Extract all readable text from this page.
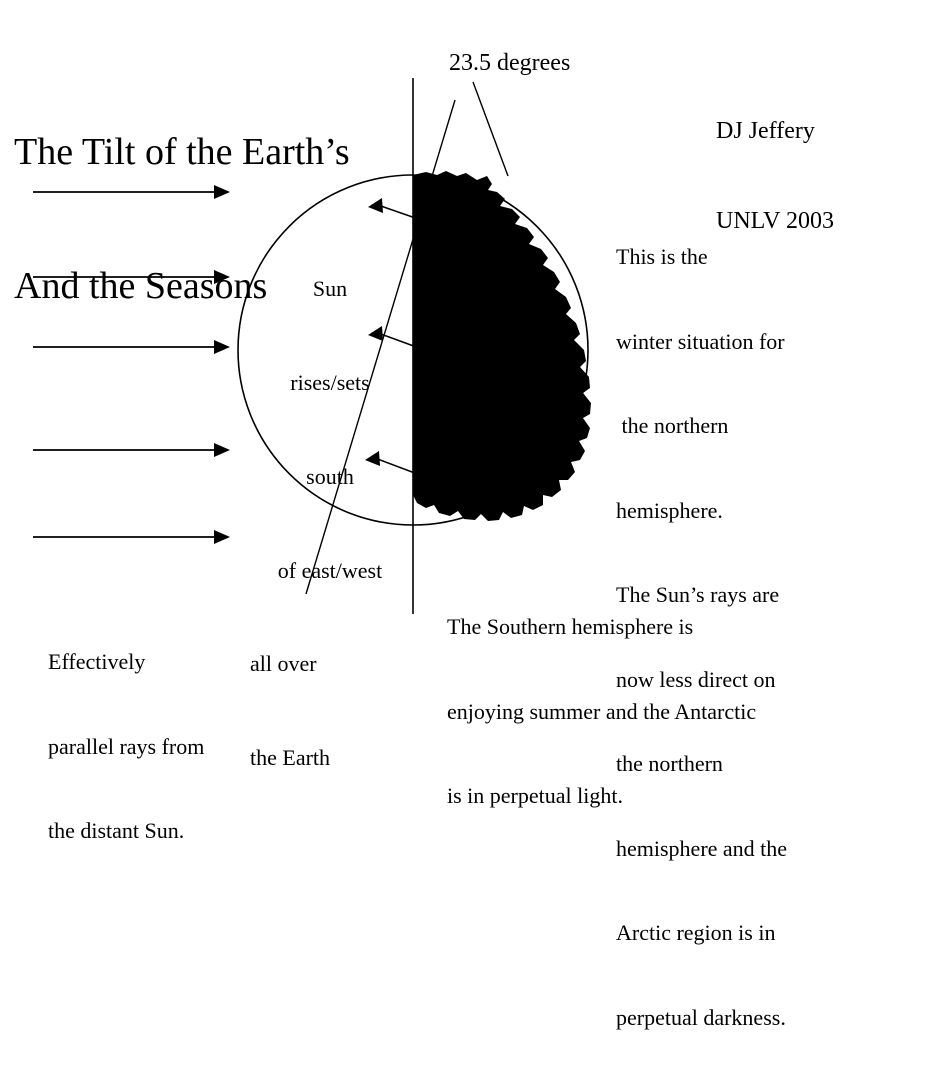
The Tilt of the Earth’s

And the Seasons

23.5 degrees

DJ Jeffery

UNLV 2003

Sun

rises/sets

south

of east/west

all over

the Earth

This is the

winter situation for

the northern

hemisphere.

The Sun’s rays are

now less direct on

the northern

hemisphere and the

Arctic region is in

perpetual darkness.

The Southern hemisphere is

enjoying summer and the Antarctic

is in perpetual light.

Effectively

parallel rays from

the distant Sun.
